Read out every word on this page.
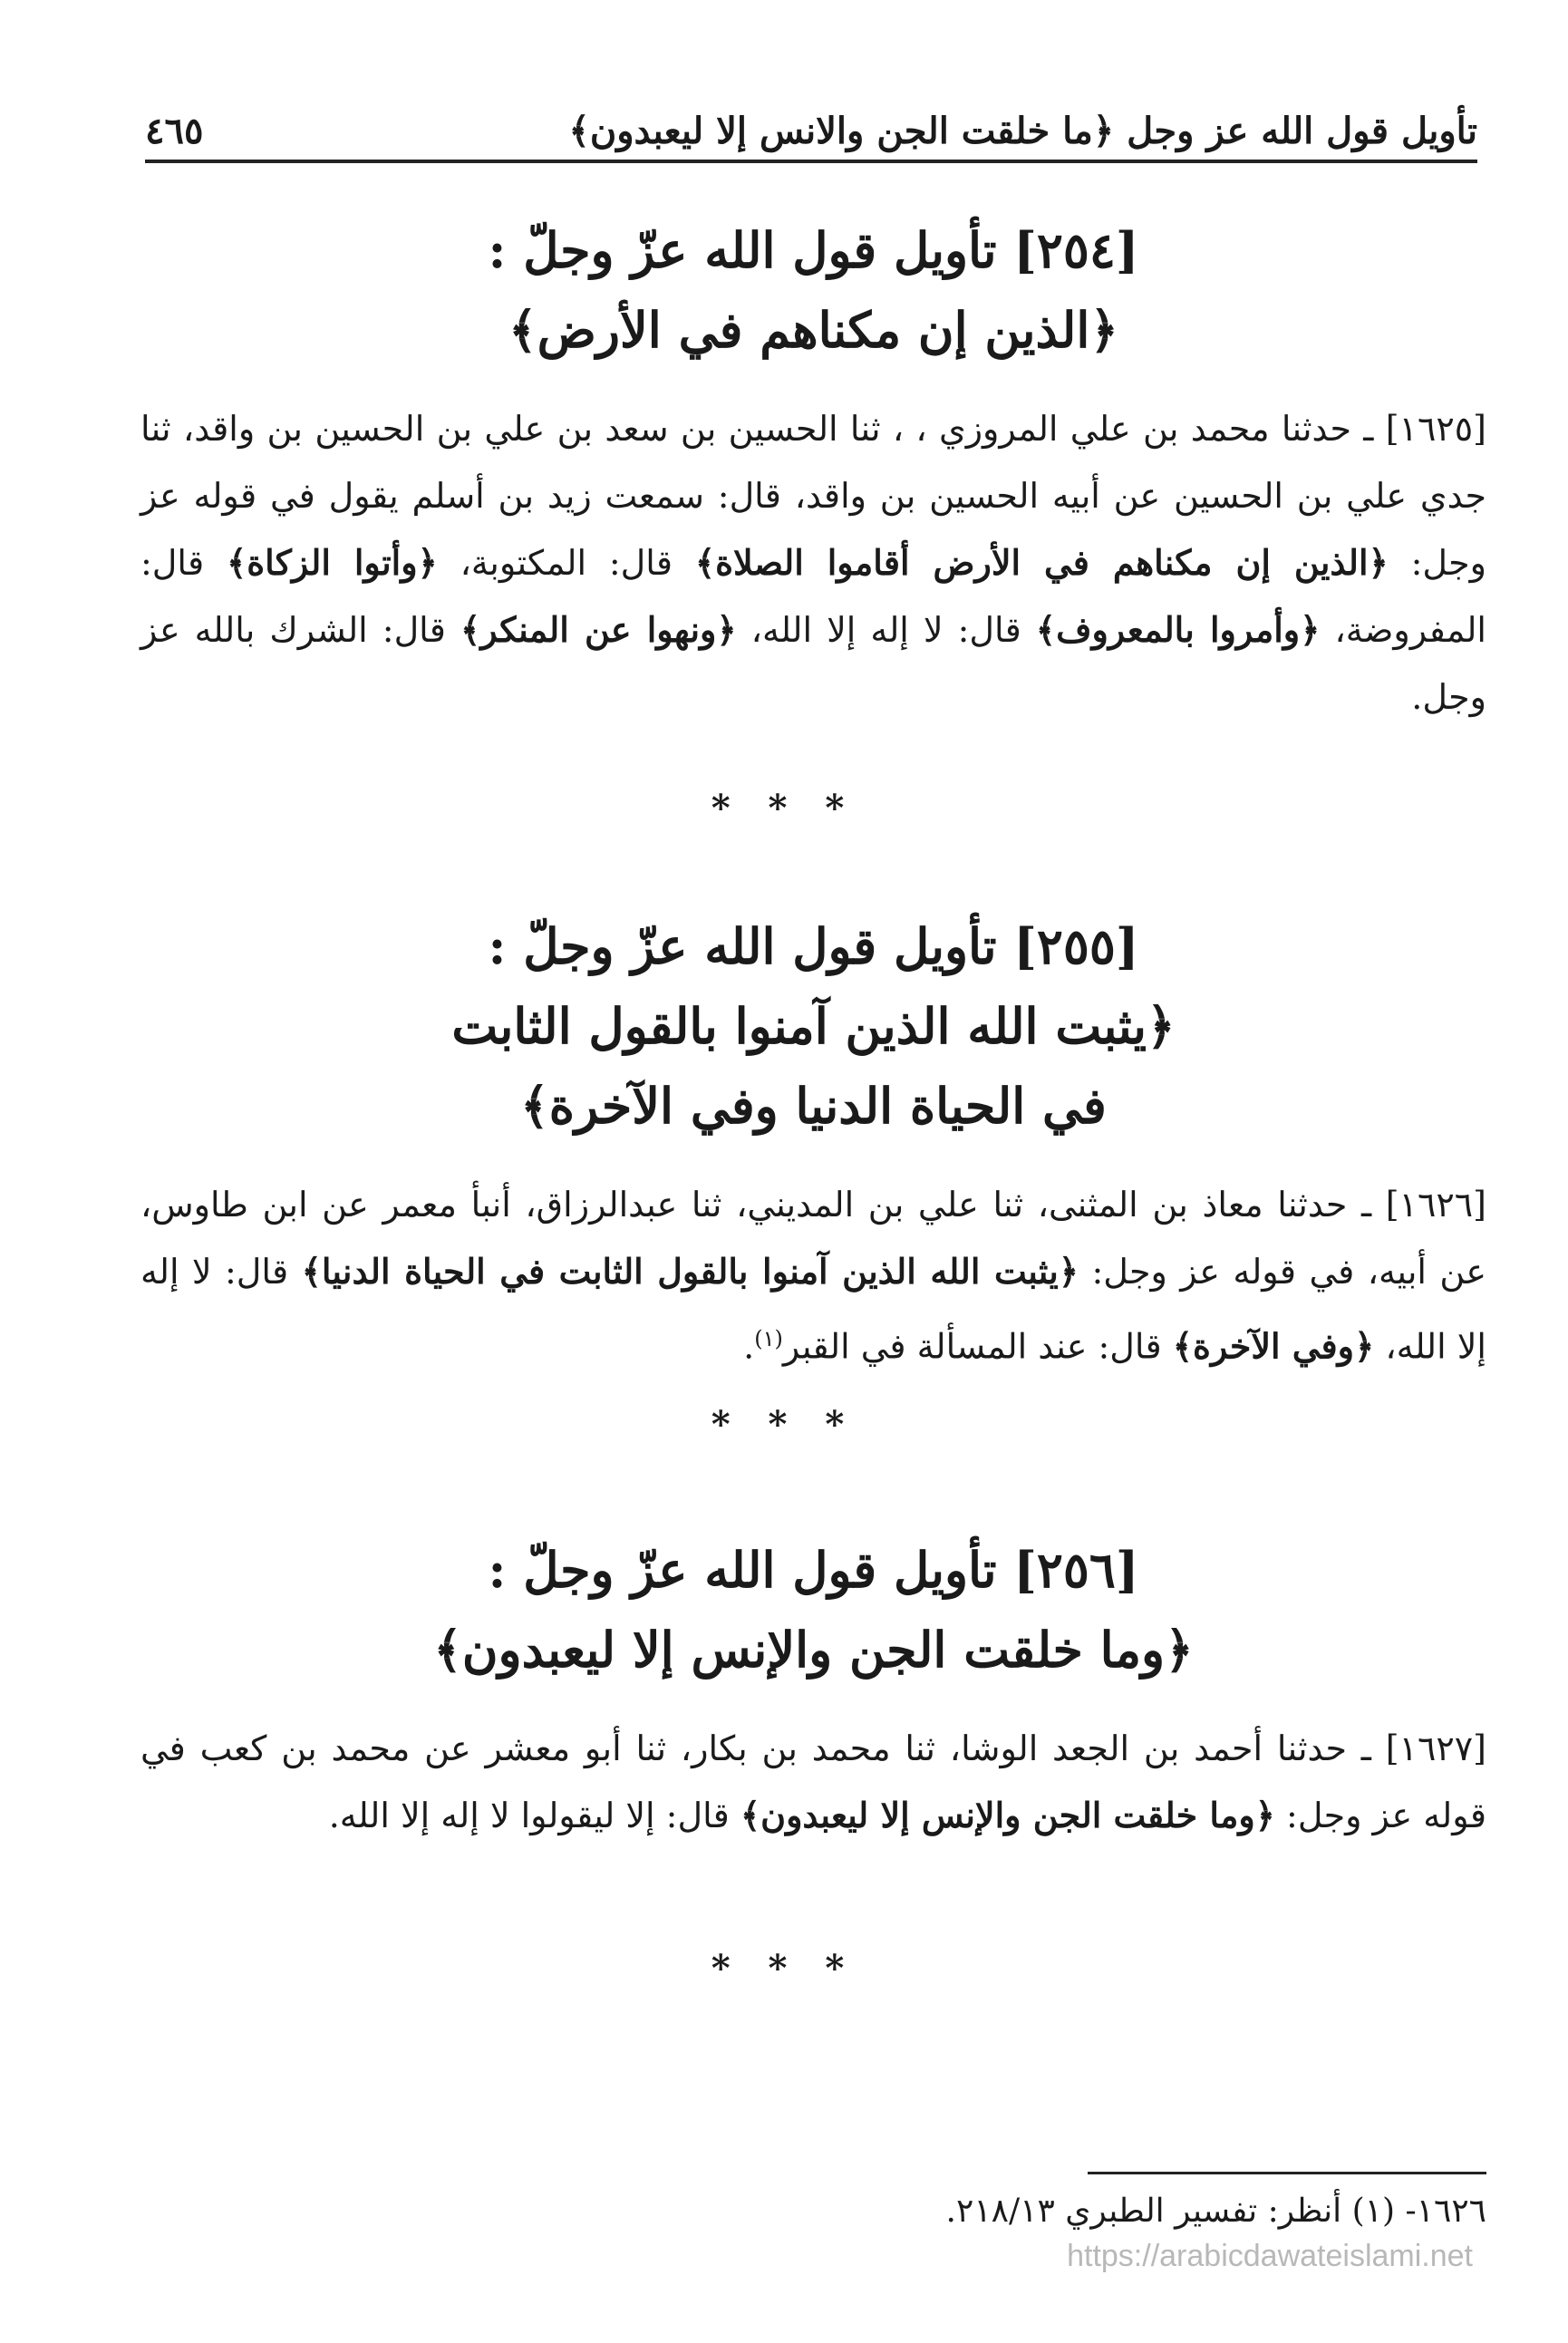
تأويل قول الله عز وجل ﴿ما خلقت الجن والانس إلا ليعبدون﴾
٤٦٥
[٢٥٤] تأويل قول الله عزّ وجلّ :
﴿الذين إن مكناهم في الأرض﴾
[١٦٢٥] ـ حدثنا محمد بن علي المروزي ، ، ثنا الحسين بن سعد بن علي بن الحسين بن واقد، ثنا جدي علي بن الحسين عن أبيه الحسين بن واقد، قال: سمعت زيد بن أسلم يقول في قوله عز وجل: ﴿الذين إن مكناهم في الأرض أقاموا الصلاة﴾ قال: المكتوبة، ﴿وأتوا الزكاة﴾ قال: المفروضة، ﴿وأمروا بالمعروف﴾ قال: لا إله إلا الله، ﴿ونهوا عن المنكر﴾ قال: الشرك بالله عز وجل.
* * *
[٢٥٥] تأويل قول الله عزّ وجلّ :
﴿يثبت الله الذين آمنوا بالقول الثابت
في الحياة الدنيا وفي الآخرة﴾
[١٦٢٦] ـ حدثنا معاذ بن المثنى، ثنا علي بن المديني، ثنا عبدالرزاق، أنبأ معمر عن ابن طاوس، عن أبيه، في قوله عز وجل: ﴿يثبت الله الذين آمنوا بالقول الثابت في الحياة الدنيا﴾ قال: لا إله إلا الله، ﴿وفي الآخرة﴾ قال: عند المسألة في القبر$^{(١)}$.
* * *
[٢٥٦] تأويل قول الله عزّ وجلّ :
﴿وما خلقت الجن والإنس إلا ليعبدون﴾
[١٦٢٧] ـ حدثنا أحمد بن الجعد الوشا، ثنا محمد بن بكار، ثنا أبو معشر عن محمد بن كعب في قوله عز وجل: ﴿وما خلقت الجن والإنس إلا ليعبدون﴾ قال: إلا ليقولوا لا إله إلا الله.
* * *
١٦٢٦- (١) أنظر: تفسير الطبري ٢١٨/١٣.
https://arabicdawateislami.net
